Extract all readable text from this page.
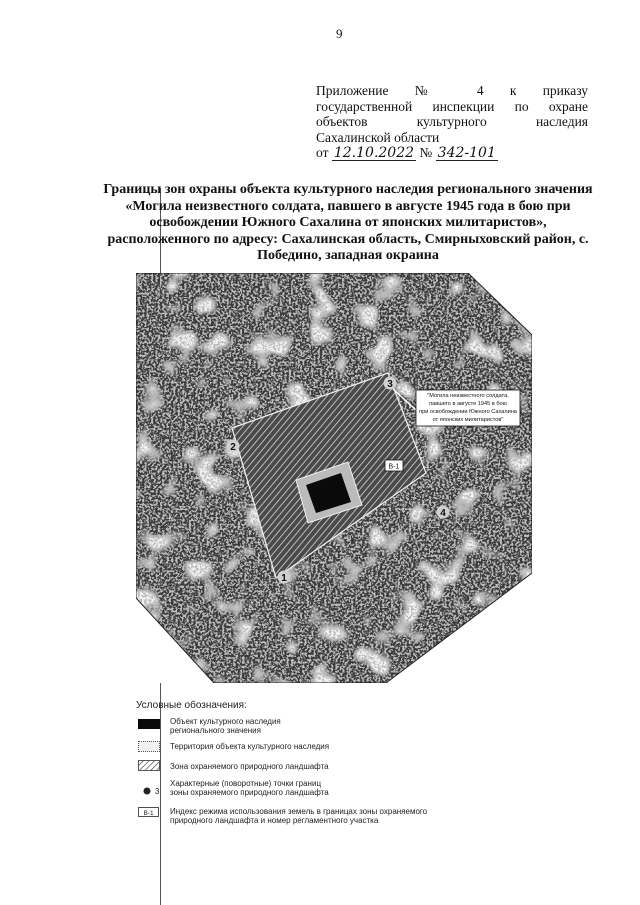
9
Приложение № 4 к приказу
государственной инспекции по охране
объектов	культурного	наследия
Сахалинской области
от 12.10.2022 № 342-101
Границы зон охраны объекта культурного наследия регионального значения «Могила неизвестного солдата, павшего в августе 1945 года в бою при освобождении Южного Сахалина от японских милитаристов», расположенного по адресу: Сахалинская область, Смирныховский район, с. Победино, западная окраина
1
2
3
4
В-1
"Могила неизвестного солдата,
павшего в августе 1945 в бою
при освобождении Южного Сахалина
от японских милитаристов"
Условные обозначения:
Объект культурного наследия регионального значения
Территория объекта культурного наследия
Зона охраняемого природного ландшафта
3
Характерные (поворотные) точки границ зоны охраняемого природного ландшафта
В-1 Индекс режима использования земель в границах зоны охраняемого природного ландшафта и номер регламентного участка
